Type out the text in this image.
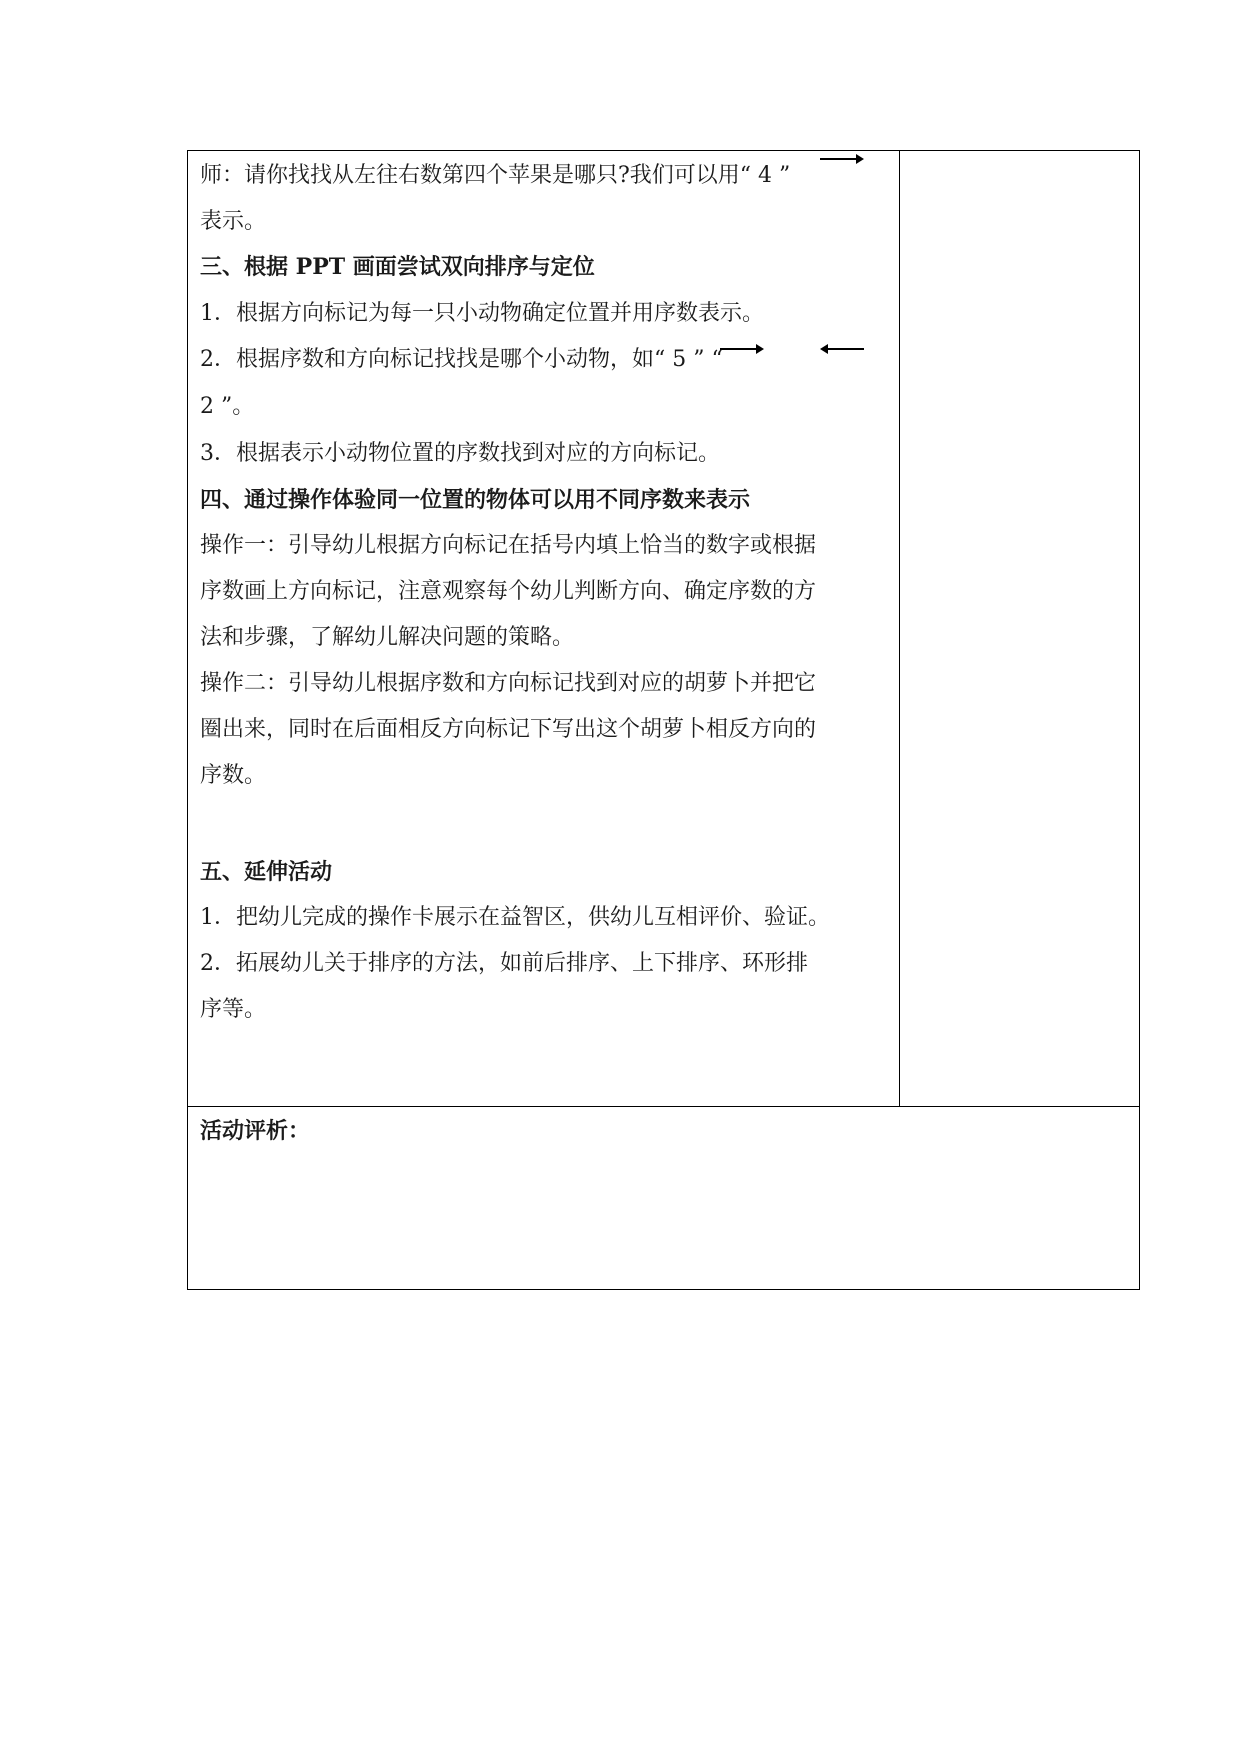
师：请你找找从左往右数第四个苹果是哪只?我们可以用“ 4 ”
表示。
三、根据 PPT 画面尝试双向排序与定位
1．根据方向标记为每一只小动物确定位置并用序数表示。
2．根据序数和方向标记找找是哪个小动物，如“ 5 ” “
2 ”。
3．根据表示小动物位置的序数找到对应的方向标记。
四、通过操作体验同一位置的物体可以用不同序数来表示
操作一：引导幼儿根据方向标记在括号内填上恰当的数字或根据
序数画上方向标记，注意观察每个幼儿判断方向、确定序数的方
法和步骤，了解幼儿解决问题的策略。
操作二：引导幼儿根据序数和方向标记找到对应的胡萝卜并把它
圈出来，同时在后面相反方向标记下写出这个胡萝卜相反方向的
序数。
五、延伸活动
1．把幼儿完成的操作卡展示在益智区，供幼儿互相评价、验证。
2．拓展幼儿关于排序的方法，如前后排序、上下排序、环形排
序等。
活动评析：
